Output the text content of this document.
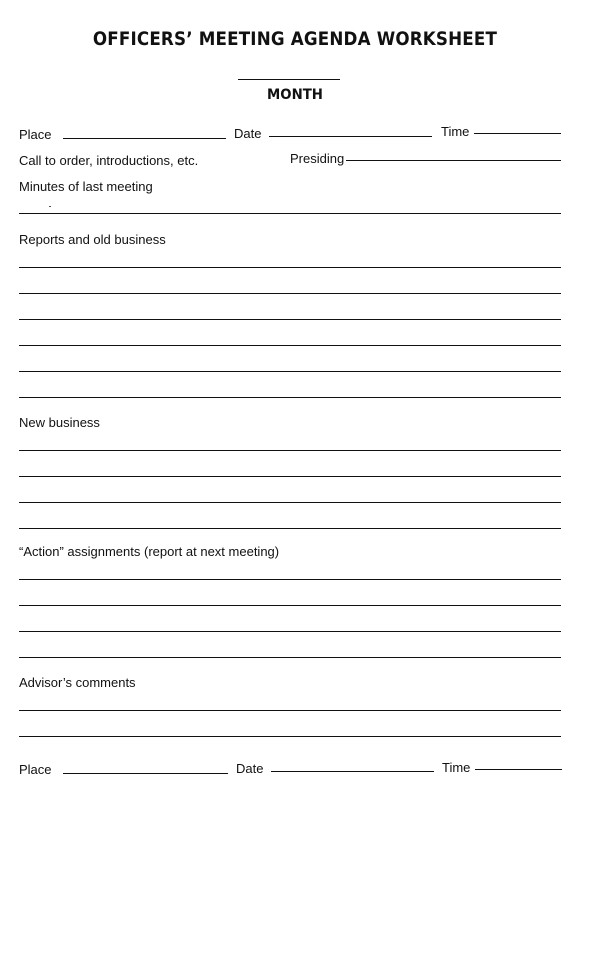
OFFICERS’ MEETING AGENDA WORKSHEET
MONTH
Place	Date	Time
Call to order, introductions, etc.	Presiding
Minutes of last meeting
Reports and old business
New business
“Action” assignments (report at next meeting)
Advisor’s comments
Place	Date	Time
